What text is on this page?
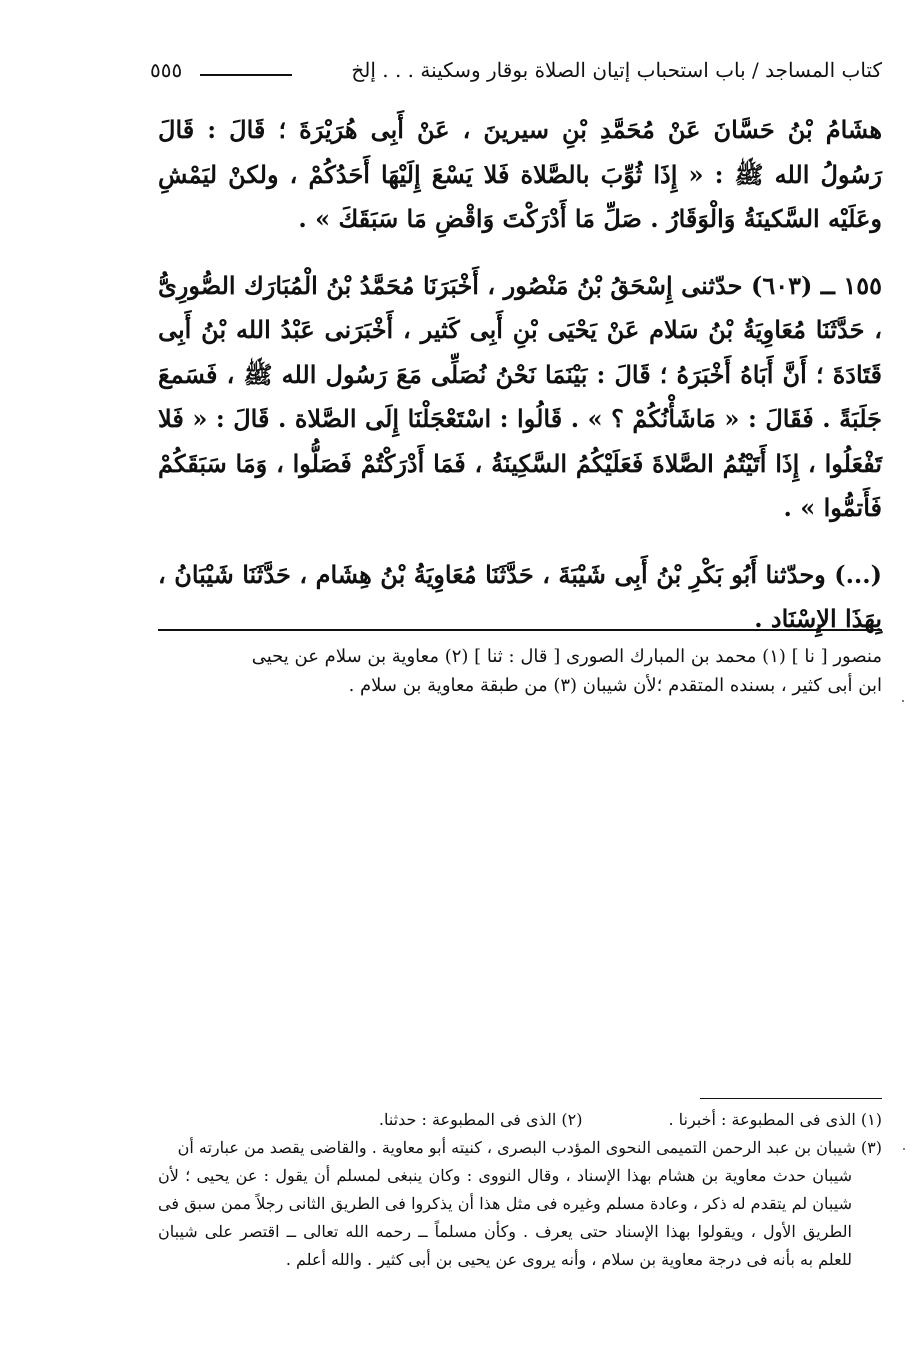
كتاب المساجد / باب استحباب إتيان الصلاة بوقار وسكينة . . . إلخ
٥٥٥

هشَامُ بْنُ حَسَّانَ عَنْ مُحَمَّدِ بْنِ سيرينَ ، عَنْ أَبِى هُرَيْرَةَ ؛ قَالَ : قَالَ رَسُولُ الله ﷺ : « إِذَا ثُوِّبَ بالصَّلاة فَلا يَسْعَ إِلَيْهَا أَحَدُكُمْ ، ولكنْ ليَمْشِ وعَلَيْه السَّكينَةُ وَالْوَقَارُ . صَلِّ مَا أَدْرَكْتَ وَاقْضِ مَا سَبَقَكَ » .

١٥٥ ــ (٦٠٣) حدّثنى إِسْحَقُ بْنُ مَنْصُور ، أَخْبَرَنَا مُحَمَّدُ بْنُ الْمُبَارَك الصُّورِىُّ ، حَدَّثَنَا مُعَاوِيَةُ بْنُ سَلام عَنْ يَحْيَى بْنِ أَبِى كَثير ، أَخْبَرَنى عَبْدُ الله بْنُ أَبِى قَتَادَةَ ؛ أَنَّ أَبَاهُ أَخْبَرَهُ ؛ قَالَ : بَيْنَمَا نَحْنُ نُصَلِّى مَعَ رَسُول الله ﷺ ، فَسَمعَ جَلَبَةً . فَقَالَ : « مَاشَأْنُكُمْ ؟ » . قَالُوا : اسْتَعْجَلْنَا إِلَى الصَّلاة . قَالَ : « فَلا تَفْعَلُوا ، إِذَا أَتَيْتُمُ الصَّلاةَ فَعَلَيْكُمُ السَّكِينَةُ ، فَمَا أَدْرَكْتُمْ فَصَلُّوا ، وَمَا سَبَقَكُمْ فَأَتمُّوا » .

(...) وحدّثنا أَبُو بَكْرِ بْنُ أَبِى شَيْبَةَ ، حَدَّثَنَا مُعَاوِيَةُ بْنُ هِشَام ، حَدَّثَنَا شَيْبَانُ ، بِهَذَا الإِسْنَاد .

منصور [ نا ] (١) محمد بن المبارك الصورى [ قال : ثنا ] (٢) معاوية بن سلام عن يحيى

ابن أبى كثير ، بسنده المتقدم ؛لأن شيبان (٣) من طبقة معاوية بن سلام .

(١) الذى فى المطبوعة : أخبرنا .
(٢) الذى فى المطبوعة : حدثنا.

(٣) شيبان بن عبد الرحمن التميمى النحوى المؤدب البصرى ، كنيته أبو معاوية . والقاضى يقصد من عبارته أن

شيبان حدث معاوية بن هشام بهذا الإسناد ، وقال النووى : وكان ينبغى لمسلم أن يقول : عن يحيى ؛ لأن شيبان لم يتقدم له ذكر ، وعادة مسلم وغيره فى مثل هذا أن يذكروا فى الطريق الثانى رجلاً ممن سبق فى الطريق الأول ، ويقولوا بهذا الإسناد حتى يعرف . وكأن مسلماً ــ رحمه الله تعالى ــ اقتصر على شيبان للعلم به بأنه فى درجة معاوية بن سلام ، وأنه يروى عن يحيى بن أبى كثير . والله أعلم .
